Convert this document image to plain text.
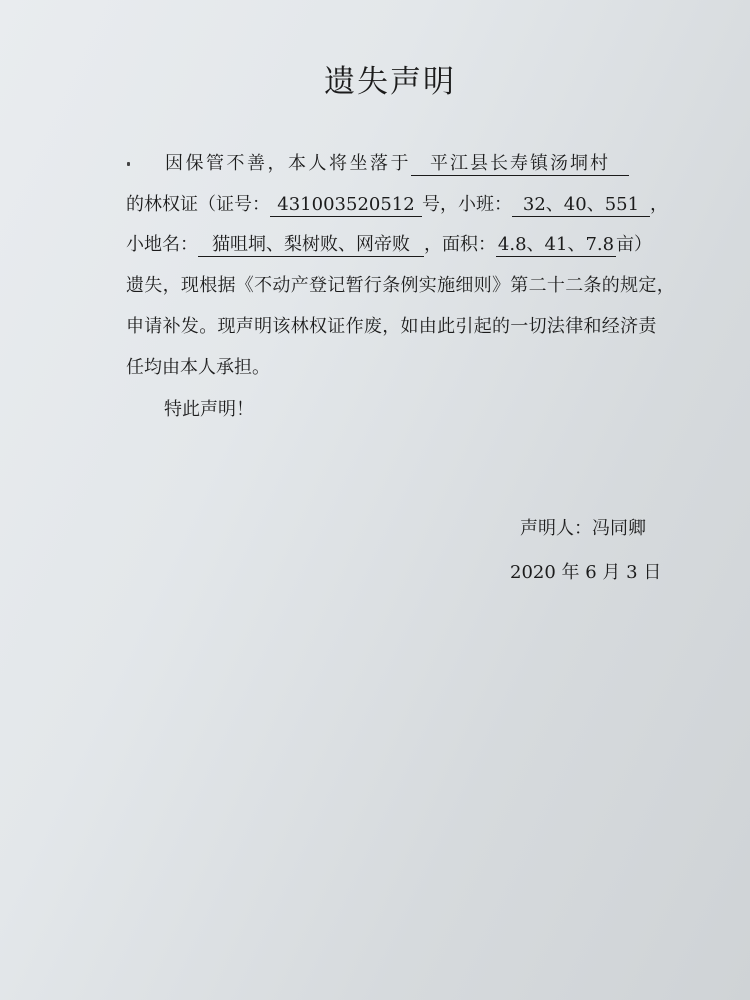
遗失声明
因保管不善，本人将坐落于 平江县长寿镇汤垌村
的林权证（证号： 431003520512 号，小班： 32、40、551 ，
小地名： 猫咀垌、梨树败、网帝败 ，面积： 4.8、41、7.8 亩）
遗失，现根据《不动产登记暂行条例实施细则》第二十二条的规定，
申请补发。现声明该林权证作废，如由此引起的一切法律和经济责
任均由本人承担。
特此声明！
声明人：冯同卿
2020 年 6 月 3 日
